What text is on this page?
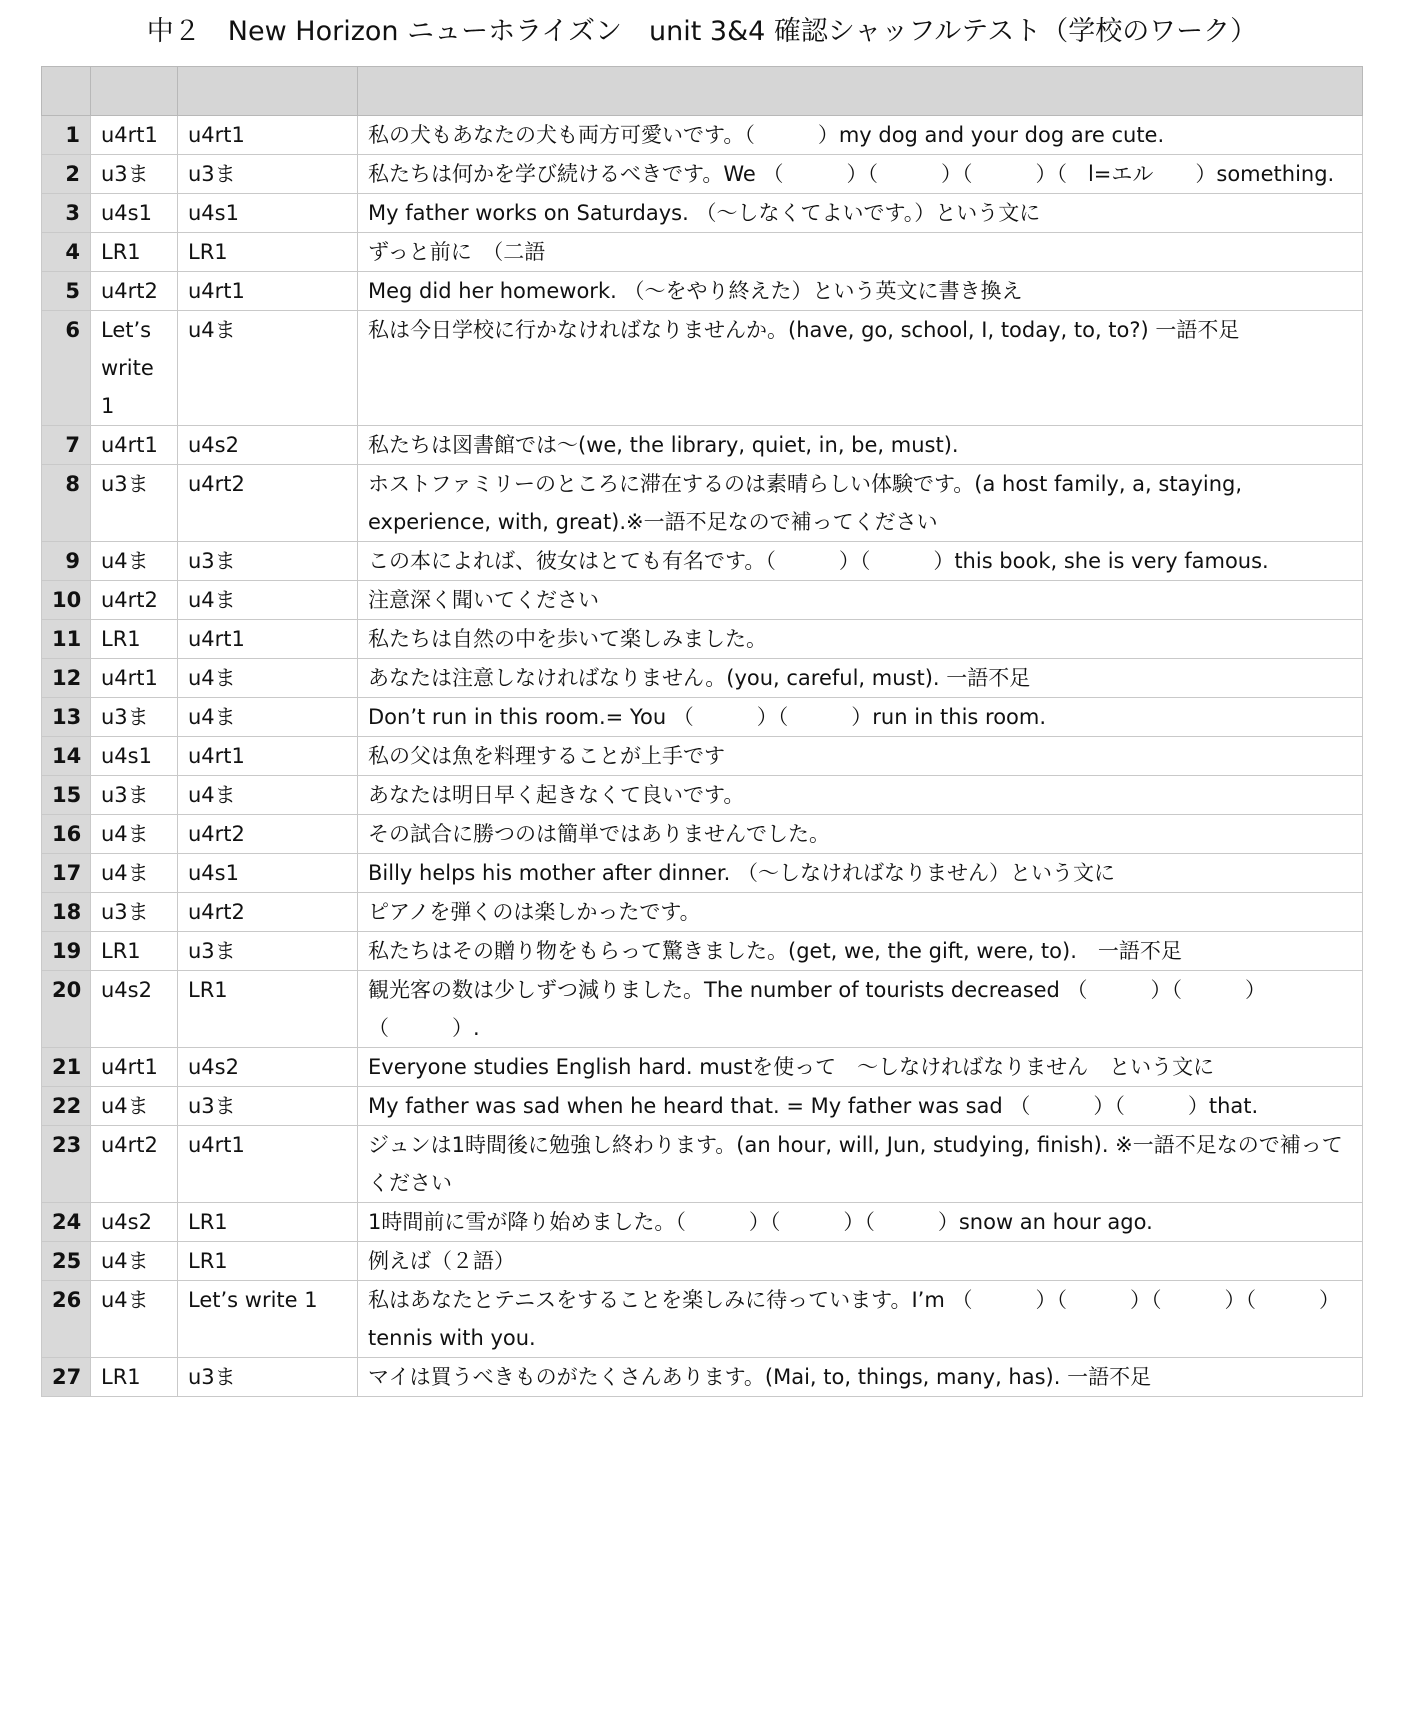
中２　New Horizon ニューホライズン　unit 3&4 確認シャッフルテスト（学校のワーク）

1	u4rt1	u4rt1	私の犬もあなたの犬も両方可愛いです。（　　　）my dog and your dog are cute.
2	u3ま	u3ま	私たちは何かを学び続けるべきです。We （　　　）（　　　）（　　　）（　l=エル　　）something.
3	u4s1	u4s1	My father works on Saturdays. （〜しなくてよいです。）という文に
4	LR1	LR1	ずっと前に　（二語
5	u4rt2	u4rt1	Meg did her homework. （〜をやり終えた）という英文に書き換え
6	Let’s write 1	u4ま	私は今日学校に行かなければなりませんか。(have, go, school, I, today, to, to?) 一語不足
7	u4rt1	u4s2	私たちは図書館では〜(we, the library, quiet, in, be, must).
8	u3ま	u4rt2	ホストファミリーのところに滞在するのは素晴らしい体験です。(a host family, a, staying, experience, with, great).※一語不足なので補ってください
9	u4ま	u3ま	この本によれば、彼女はとても有名です。（　　　）（　　　）this book, she is very famous.
10	u4rt2	u4ま	注意深く聞いてください
11	LR1	u4rt1	私たちは自然の中を歩いて楽しみました。
12	u4rt1	u4ま	あなたは注意しなければなりません。(you, careful, must). 一語不足
13	u3ま	u4ま	Don’t run in this room.= You （　　　）（　　　）run in this room.
14	u4s1	u4rt1	私の父は魚を料理することが上手です
15	u3ま	u4ま	あなたは明日早く起きなくて良いです。
16	u4ま	u4rt2	その試合に勝つのは簡単ではありませんでした。
17	u4ま	u4s1	Billy helps his mother after dinner. （〜しなければなりません）という文に
18	u3ま	u4rt2	ピアノを弾くのは楽しかったです。
19	LR1	u3ま	私たちはその贈り物をもらって驚きました。(get, we, the gift, were, to).　一語不足
20	u4s2	LR1	観光客の数は少しずつ減りました。The number of tourists decreased （　　　）（　　　）（　　　）.
21	u4rt1	u4s2	Everyone studies English hard. mustを使って　〜しなければなりません　という文に
22	u4ま	u3ま	My father was sad when he heard that. = My father was sad （　　　）（　　　）that.
23	u4rt2	u4rt1	ジュンは1時間後に勉強し終わります。(an hour, will, Jun, studying, finish). ※一語不足なので補ってください
24	u4s2	LR1	1時間前に雪が降り始めました。（　　　）（　　　）（　　　）snow an hour ago.
25	u4ま	LR1	例えば（２語）
26	u4ま	Let’s write 1	私はあなたとテニスをすることを楽しみに待っています。I’m （　　　）（　　　）（　　　）（　　　）tennis with you.
27	LR1	u3ま	マイは買うべきものがたくさんあります。(Mai, to, things, many, has). 一語不足
